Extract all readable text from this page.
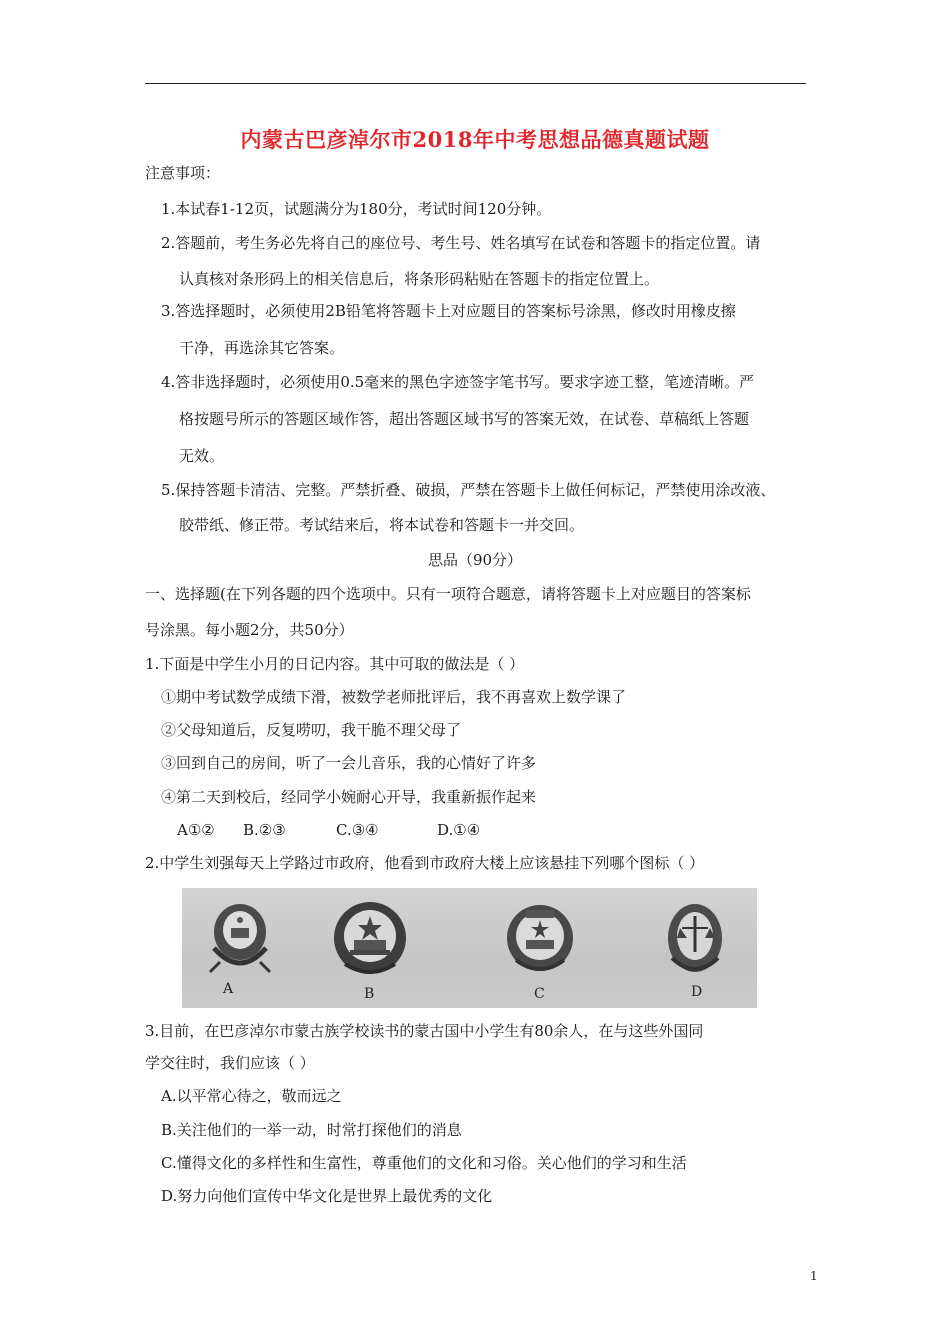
内蒙古巴彦淖尔市2018年中考思想品德真题试题
注意事项：
1.本试春1-12页，试题满分为180分，考试时间120分钟。
2.答题前，考生务必先将自己的座位号、考生号、姓名填写在试卷和答题卡的指定位置。请
认真核对条形码上的相关信息后，将条形码粘贴在答题卡的指定位置上。
3.答选择题时，必须使用2B铅笔将答题卡上对应题目的答案标号涂黑，修改时用橡皮擦
干净，再选涂其它答案。
4.答非选择题时，必须使用0.5毫来的黑色字迹签字笔书写。要求字迹工整，笔迹清晰。严
格按题号所示的答题区域作答，超出答题区域书写的答案无效，在试卷、草稿纸上答题
无效。
5.保持答题卡清洁、完整。严禁折叠、破损，严禁在答题卡上做任何标记，严禁使用涂改液、
胶带纸、修正带。考试结来后，将本试卷和答题卡一并交回。
思品（90分）
一、选择题(在下列各题的四个选项中。只有一项符合题意，请将答题卡上对应题目的答案标
号涂黑。每小题2分，共50分）
1.下面是中学生小月的日记内容。其中可取的做法是（ ）
①期中考试数学成绩下滑，被数学老师批评后，我不再喜欢上数学课了
②父母知道后，反复唠叨，我干脆不理父母了
③回到自己的房间，听了一会儿音乐，我的心情好了许多
④第二天到校后，经同学小婉耐心开导，我重新振作起来
A①② B.②③	C.③④	D.①④
2.中学生刘强每天上学路过市政府，他看到市政府大楼上应该悬挂下列哪个图标（ ）
A	B	C	D
3.目前，在巴彦淖尔市蒙古族学校读书的蒙古国中小学生有80余人，在与这些外国同
学交往时，我们应该（ ）
A.以平常心待之，敬而远之
B.关注他们的一举一动，时常打探他们的消息
C.懂得文化的多样性和生富性，尊重他们的文化和习俗。关心他们的学习和生活
D.努力向他们宣传中华文化是世界上最优秀的文化
1
